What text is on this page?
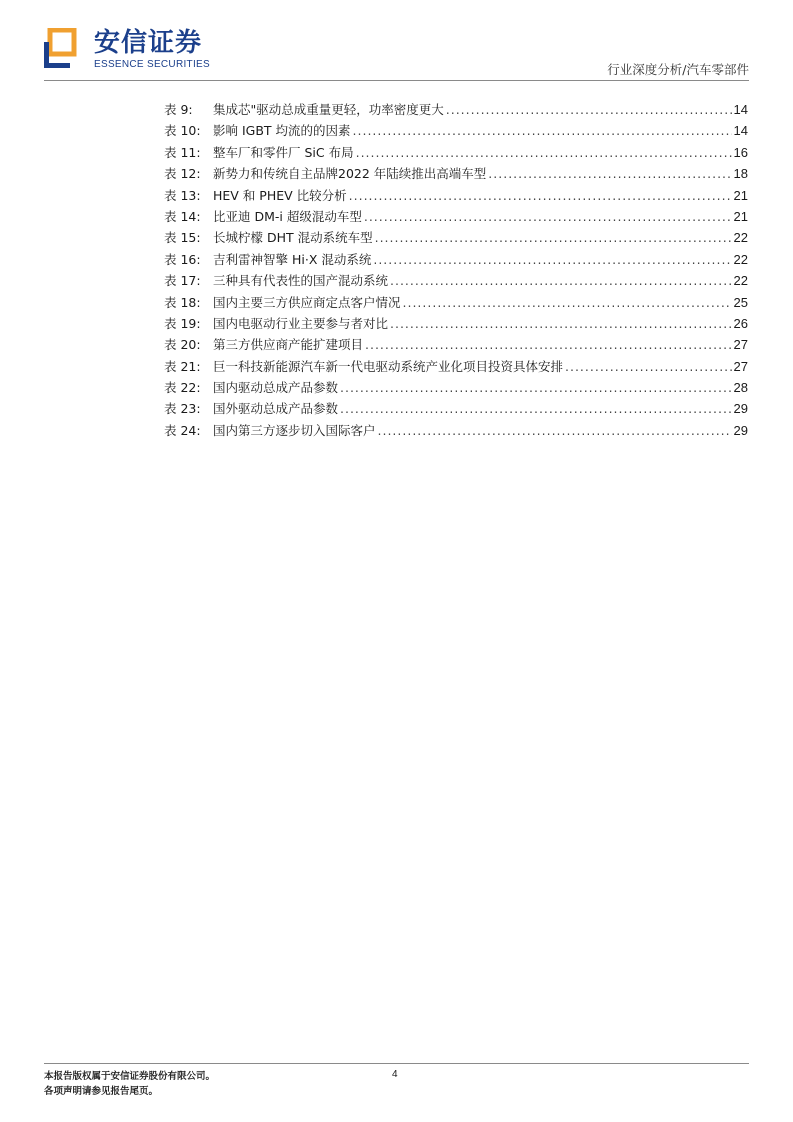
安信证券
ESSENCE SECURITIES	行业深度分析/汽车零部件
表 9:	集成芯"驱动总成重量更轻，功率密度更大 .....	14
表 10: 影响 IGBT 均流的的因素 .....	14
表 11: 整车厂和零件厂 SiC 布局 .....	16
表 12: 新势力和传统自主品牌2022 年陆续推出高端车型 .....	18
表 13: HEV 和 PHEV 比较分析 .....	21
表 14: 比亚迪 DM-i 超级混动车型 .....	21
表 15: 长城柠檬 DHT 混动系统车型 .....	22
表 16: 吉利雷神智擎 Hi·X 混动系统 .....	22
表 17: 三种具有代表性的国产混动系统 .....	22
表 18: 国内主要三方供应商定点客户情况 .....	25
表 19: 国内电驱动行业主要参与者对比 .....	26
表 20: 第三方供应商产能扩建项目 .....	27
表 21: 巨一科技新能源汽车新一代电驱动系统产业化项目投资具体安排 .....	27
表 22: 国内驱动总成产品参数 .....	28
表 23: 国外驱动总成产品参数 .....	29
表 24: 国内第三方逐步切入国际客户 .....	29
本报告版权属于安信证券股份有限公司。
各项声明请参见报告尾页。
4
